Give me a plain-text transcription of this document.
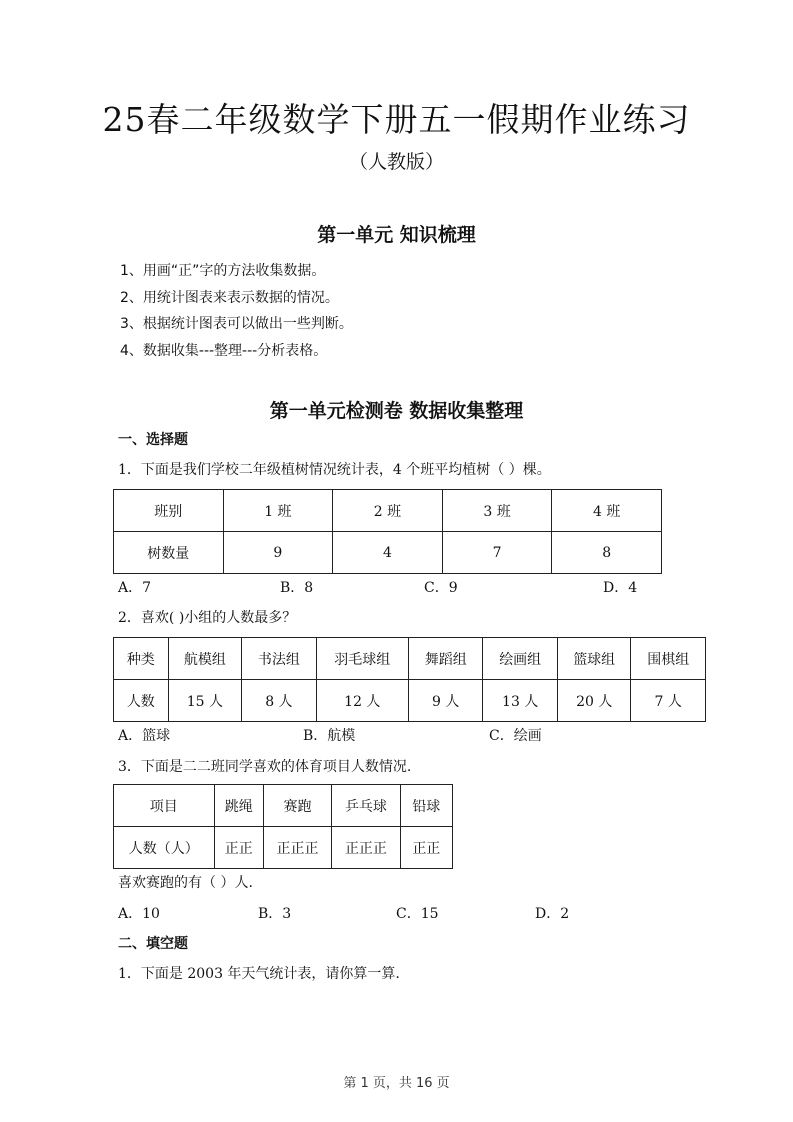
25春二年级数学下册五一假期作业练习
（人教版）
第一单元 知识梳理
1、用画“正”字的方法收集数据。
2、用统计图表来表示数据的情况。
3、根据统计图表可以做出一些判断。
4、数据收集---整理---分析表格。
第一单元检测卷 数据收集整理
一、选择题
1．下面是我们学校二年级植树情况统计表，4 个班平均植树（ ）棵。
班别	1 班	2 班	3 班	4 班
树数量	9	4	7	8
A．7	B．8	C．9	D．4
2．喜欢( )小组的人数最多？
种类	航模组	书法组	羽毛球组	舞蹈组	绘画组	篮球组	围棋组
人数	15 人	8 人	12 人	9 人	13 人	20 人	7 人
A．篮球	B．航模	C．绘画
3．下面是二二班同学喜欢的体育项目人数情况.
项目	跳绳	赛跑	乒乓球	铅球
人数（人）	正正	正正正	正正正	正正
喜欢赛跑的有（ ）人.
A．10	B．3	C．15	D．2
二、填空题
1．下面是 2003 年天气统计表，请你算一算.
第 1 页，共 16 页
